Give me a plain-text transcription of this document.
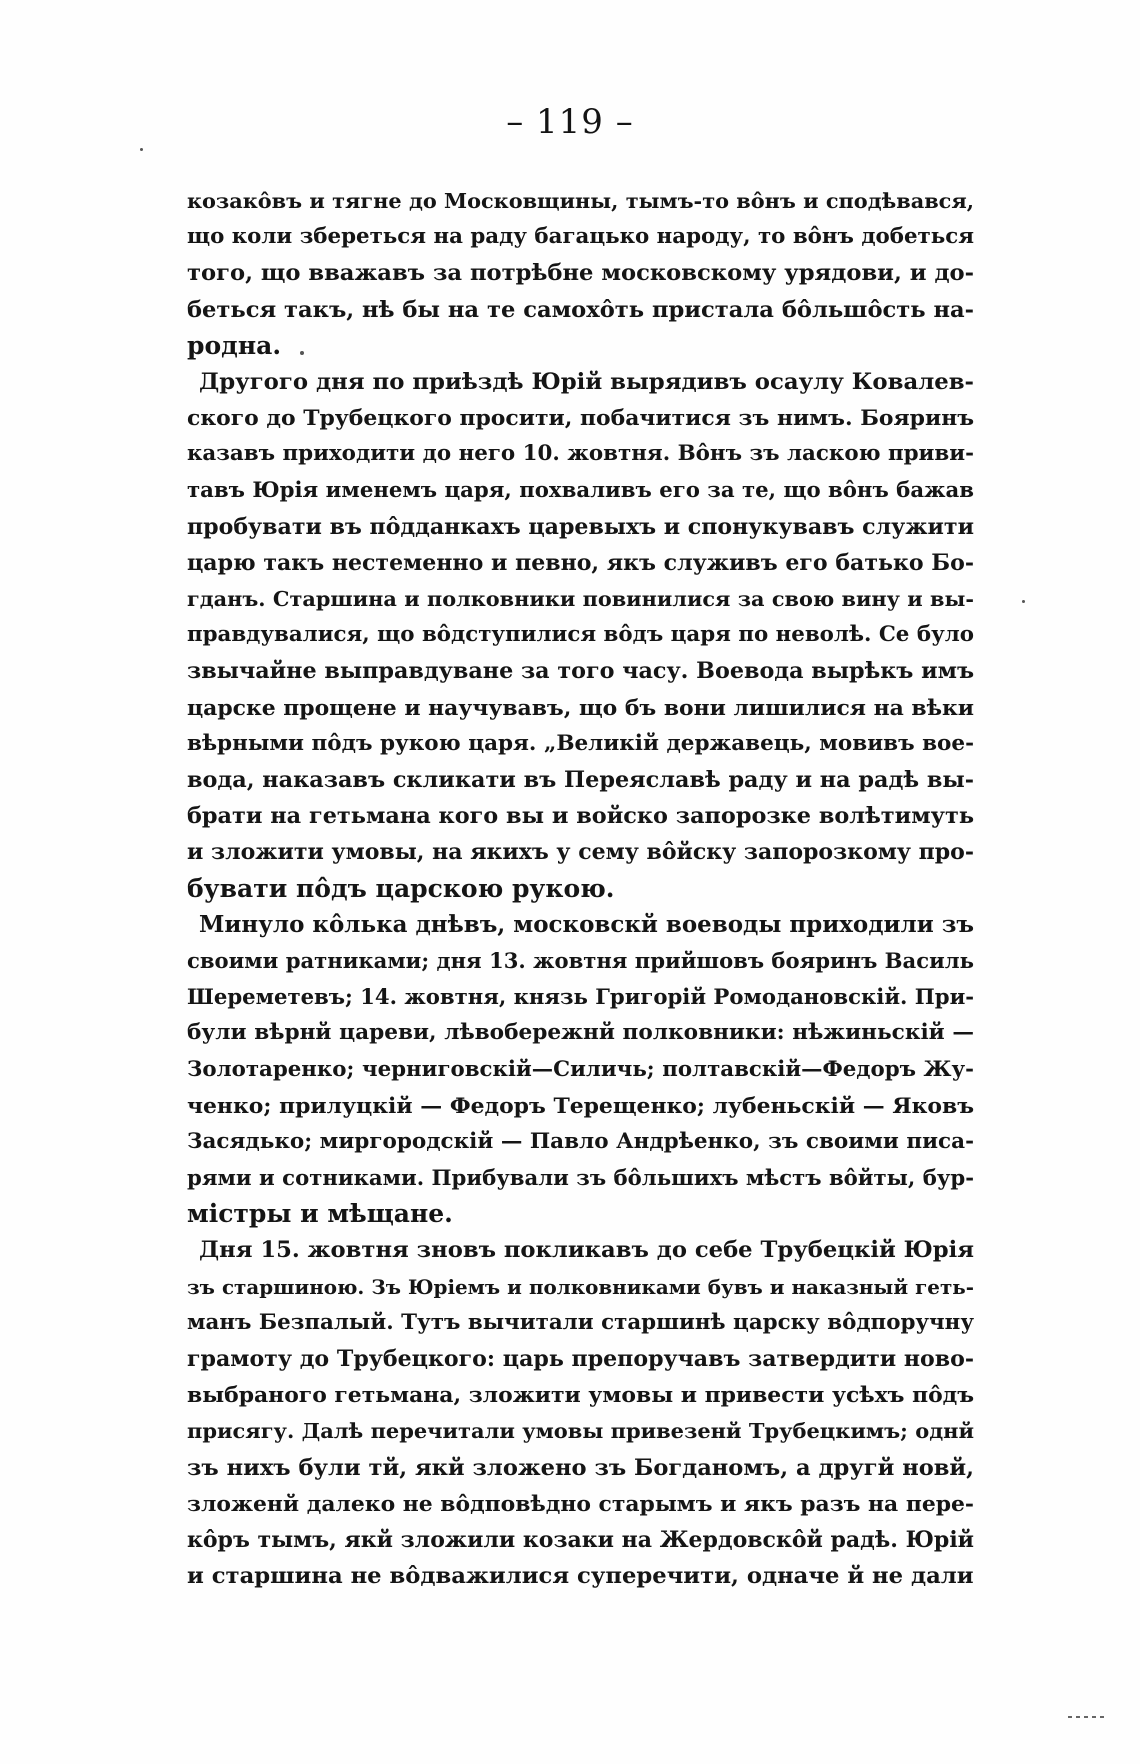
– 119 –
козакôвъ и тягне до Московщины, тымъ-то вôнъ и сподѣвався,
що коли збереться на раду багацько народу, то вôнъ добеться
того, що вважавъ за потрѣбне московскому урядови, и до-
беться такъ, нѣ бы на те самохôть пристала бôльшôсть на-
родна.
Другого дня по приѣздѣ Юрій вырядивъ осаулу Ковалев-
ского до Трубецкого просити, побачитися зъ нимъ. Бояринъ
казавъ приходити до него 10. жовтня. Вôнъ зъ ласкою приви-
тавъ Юрія именемъ царя, похваливъ его за те, що вôнъ бажав
пробувати въ пôдданкахъ царевыхъ и спонукувавъ служити
царю такъ нестеменно и певно, якъ служивъ его батько Бо-
гданъ. Старшина и полковники повинилися за свою вину и вы-
правдувалися, що вôдступилися вôдъ царя по неволѣ. Се було
звычайне выправдуване за того часу. Воевода вырѣкъ имъ
царске прощене и научувавъ, що бъ вони лишилися на вѣки
вѣрными пôдъ рукою царя. „Великій державець, мовивъ вое-
вода, наказавъ скликати въ Переяславѣ раду и на радѣ вы-
брати на гетьмана кого вы и войско запорозке волѣтимуть
и зложити умовы, на якихъ у сему вôйску запорозкому про-
бувати пôдъ царскою рукою.
Минуло кôлька днѣвъ, московскй воеводы приходили зъ
своими ратниками; дня 13. жовтня прийшовъ бояринъ Василь
Шереметевъ; 14. жовтня, князь Григорій Ромодановскій. При-
були вѣрнй цареви, лѣвобережнй полковники: нѣжиньскій —
Золотаренко; черниговскій—Силичь; полтавскій—Федоръ Жу-
ченко; прилуцкій — Федоръ Терещенко; лубеньскій — Яковъ
Засядько; миргородскій — Павло Андрѣенко, зъ своими писа-
рями и сотниками. Прибували зъ бôльшихъ мѣстъ вôйты, бур-
містры и мѣщане.
Дня 15. жовтня зновъ покликавъ до себе Трубецкій Юрія
зъ старшиною. Зъ Юріемъ и полковниками бувъ и наказный геть-
манъ Безпалый. Тутъ вычитали старшинѣ царску вôдпоручну
грамоту до Трубецкого: царь препоручавъ затвердити ново-
выбраного гетьмана, зложити умовы и привести усѣхъ пôдъ
присягу. Далѣ перечитали умовы привезенй Трубецкимъ; однй
зъ нихъ були тй, якй зложено зъ Богданомъ, а другй новй,
зложенй далеко не вôдповѣдно старымъ и якъ разъ на пере-
кôръ тымъ, якй зложили козаки на Жердовскôй радѣ. Юрій
и старшина не вôдважилися суперечити, одначе й не дали
